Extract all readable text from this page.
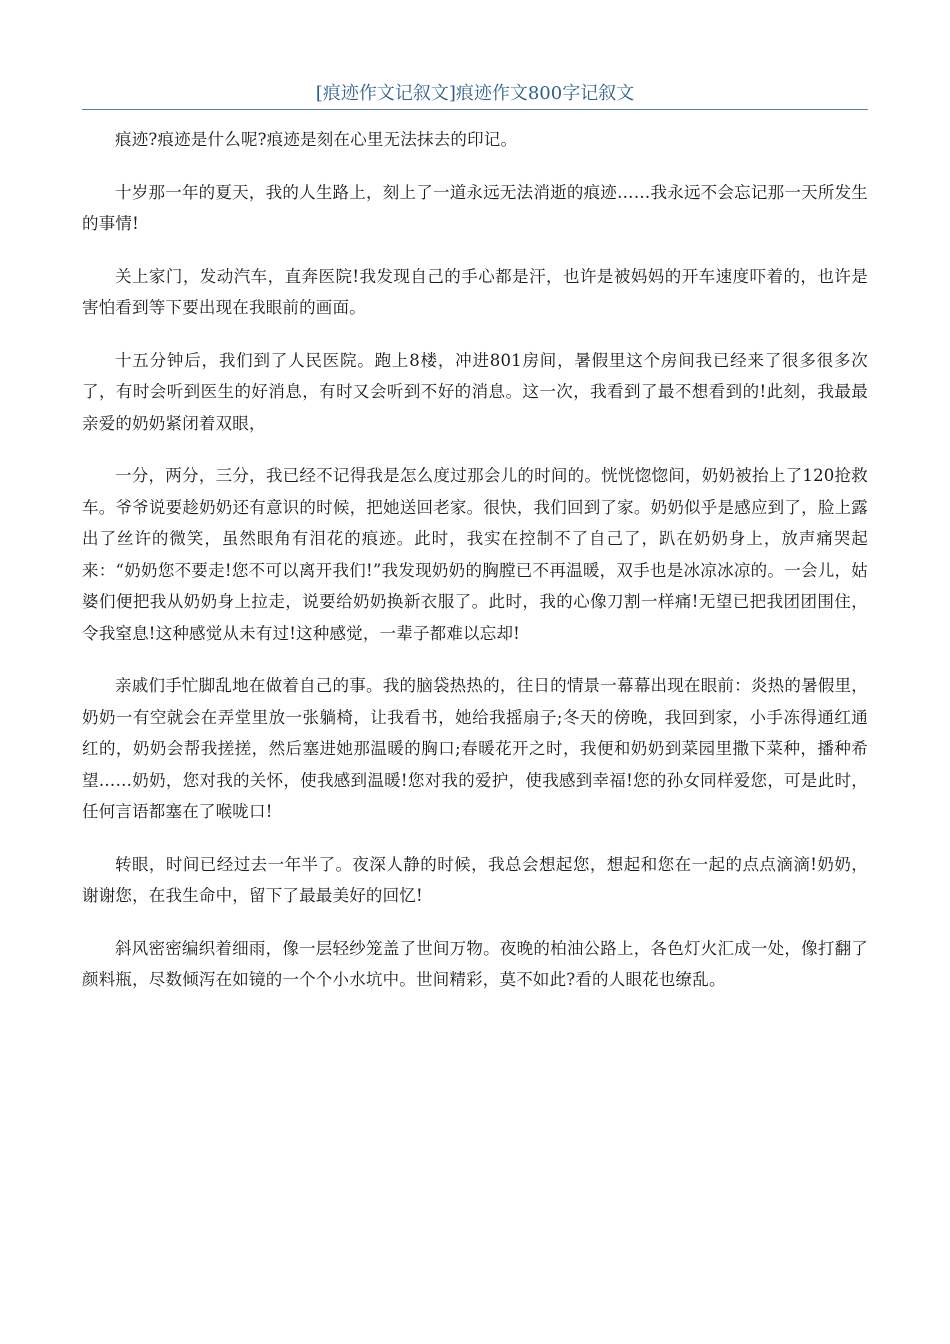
[痕迹作文记叙文]痕迹作文800字记叙文

痕迹?痕迹是什么呢?痕迹是刻在心里无法抹去的印记。

十岁那一年的夏天，我的人生路上，刻上了一道永远无法消逝的痕迹……我永远不会忘记那一天所发生的事情!

关上家门，发动汽车，直奔医院!我发现自己的手心都是汗，也许是被妈妈的开车速度吓着的，也许是害怕看到等下要出现在我眼前的画面。

十五分钟后，我们到了人民医院。跑上8楼，冲进801房间，暑假里这个房间我已经来了很多很多次了，有时会听到医生的好消息，有时又会听到不好的消息。这一次，我看到了最不想看到的!此刻，我最最亲爱的奶奶紧闭着双眼，

一分，两分，三分，我已经不记得我是怎么度过那会儿的时间的。恍恍惚惚间，奶奶被抬上了120抢救车。爷爷说要趁奶奶还有意识的时候，把她送回老家。很快，我们回到了家。奶奶似乎是感应到了，脸上露出了丝许的微笑，虽然眼角有泪花的痕迹。此时，我实在控制不了自己了，趴在奶奶身上，放声痛哭起来：“奶奶您不要走!您不可以离开我们!”我发现奶奶的胸膛已不再温暖，双手也是冰凉冰凉的。一会儿，姑婆们便把我从奶奶身上拉走，说要给奶奶换新衣服了。此时，我的心像刀割一样痛!无望已把我团团围住，令我窒息!这种感觉从未有过!这种感觉，一辈子都难以忘却!

亲戚们手忙脚乱地在做着自己的事。我的脑袋热热的，往日的情景一幕幕出现在眼前：炎热的暑假里，奶奶一有空就会在弄堂里放一张躺椅，让我看书，她给我摇扇子;冬天的傍晚，我回到家，小手冻得通红通红的，奶奶会帮我搓搓，然后塞进她那温暖的胸口;春暖花开之时，我便和奶奶到菜园里撒下菜种，播种希望……奶奶，您对我的关怀，使我感到温暖!您对我的爱护，使我感到幸福!您的孙女同样爱您，可是此时，任何言语都塞在了喉咙口!

转眼，时间已经过去一年半了。夜深人静的时候，我总会想起您，想起和您在一起的点点滴滴!奶奶，谢谢您，在我生命中，留下了最最美好的回忆!

斜风密密编织着细雨，像一层轻纱笼盖了世间万物。夜晚的柏油公路上，各色灯火汇成一处，像打翻了颜料瓶，尽数倾泻在如镜的一个个小水坑中。世间精彩，莫不如此?看的人眼花也缭乱。
